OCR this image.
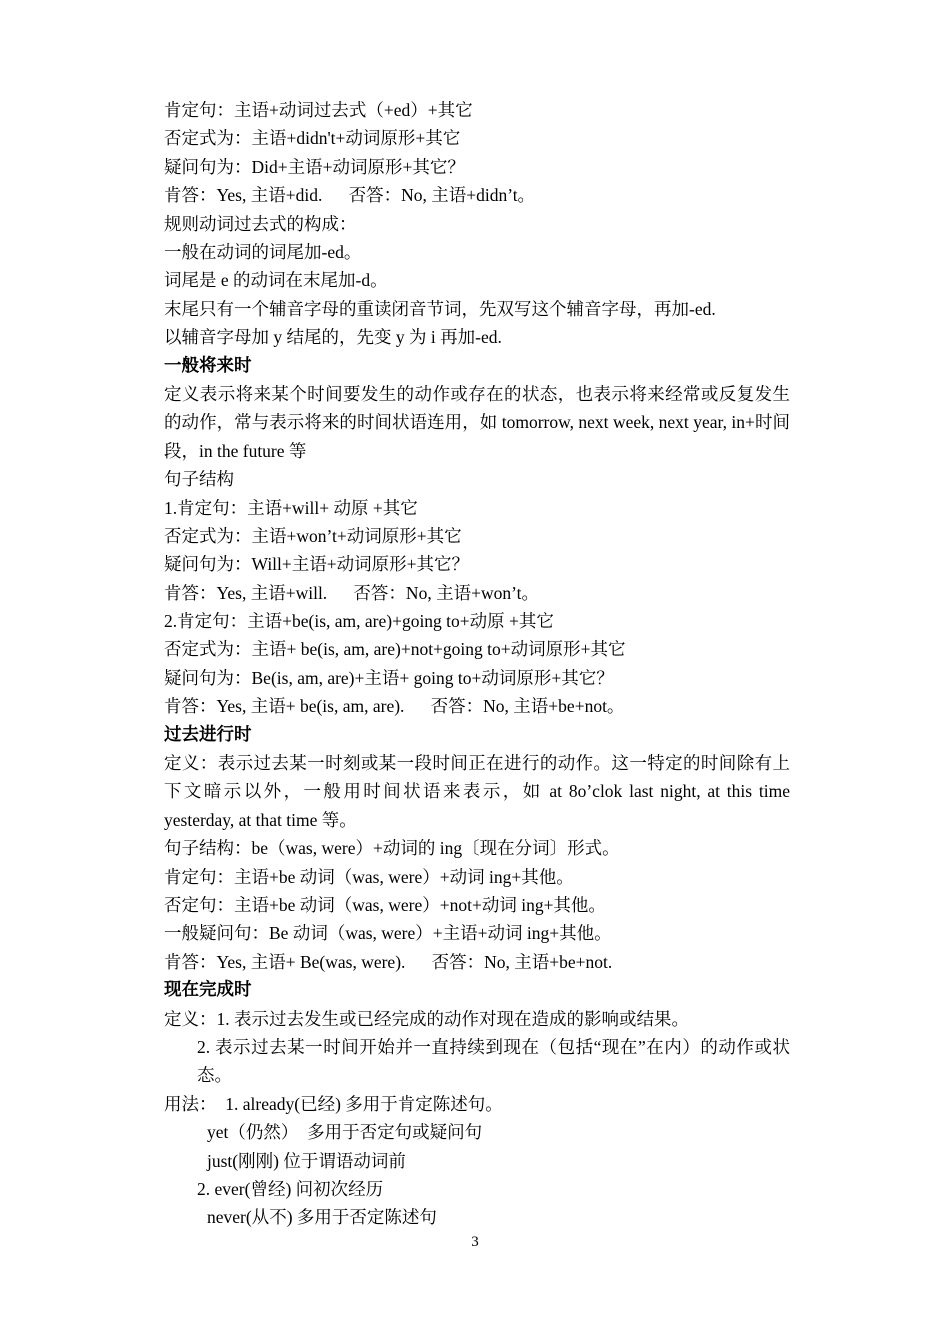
肯定句：主语+动词过去式（+ed）+其它
否定式为：主语+didn't+动词原形+其它
疑问句为：Did+主语+动词原形+其它？
肯答：Yes, 主语+did.      否答：No, 主语+didn’t。
规则动词过去式的构成：
一般在动词的词尾加-ed。
词尾是 e 的动词在末尾加-d。
末尾只有一个辅音字母的重读闭音节词，先双写这个辅音字母，再加-ed.
以辅音字母加 y 结尾的，先变 y 为 i 再加-ed.
一般将来时
定义表示将来某个时间要发生的动作或存在的状态，也表示将来经常或反复发生的动作，常与表示将来的时间状语连用，如 tomorrow, next week, next year, in+时间段，in the future 等
句子结构
1.肯定句：主语+will+ 动原 +其它
否定式为：主语+won’t+动词原形+其它
疑问句为：Will+主语+动词原形+其它？
肯答：Yes, 主语+will.      否答：No, 主语+won’t。
2.肯定句：主语+be(is, am, are)+going to+动原 +其它
否定式为：主语+ be(is, am, are)+not+going to+动词原形+其它
疑问句为：Be(is, am, are)+主语+ going to+动词原形+其它？
肯答：Yes, 主语+ be(is, am, are).      否答：No, 主语+be+not。
过去进行时
定义：表示过去某一时刻或某一段时间正在进行的动作。这一特定的时间除有上下文暗示以外，一般用时间状语来表示，如 at 8o’clok last night, at this time yesterday, at that time 等。
句子结构：be（was, were）+动词的 ing〔现在分词〕形式。
肯定句：主语+be 动词（was, were）+动词 ing+其他。
否定句：主语+be 动词（was, were）+not+动词 ing+其他。
一般疑问句：Be 动词（was, were）+主语+动词 ing+其他。
肯答：Yes, 主语+ Be(was, were).      否答：No, 主语+be+not.
现在完成时
定义：1. 表示过去发生或已经完成的动作对现在造成的影响或结果。
2. 表示过去某一时间开始并一直持续到现在（包括“现在”在内）的动作或状态。
用法：  1. already(已经) 多用于肯定陈述句。
yet（仍然）  多用于否定句或疑问句
just(刚刚) 位于谓语动词前
2. ever(曾经) 问初次经历
never(从不) 多用于否定陈述句
3
